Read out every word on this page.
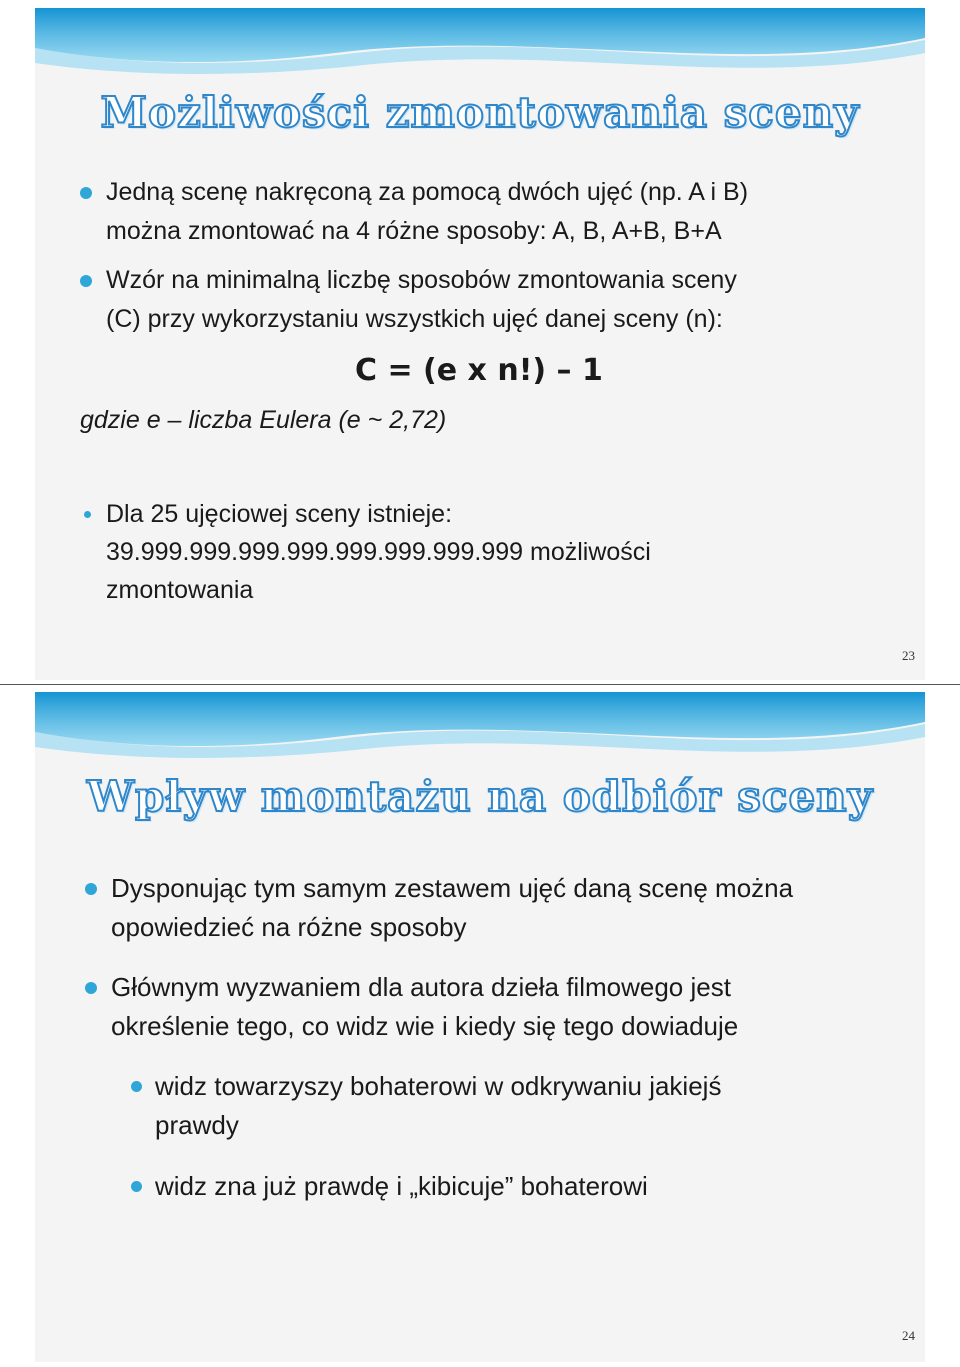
Możliwości zmontowania sceny
Jedną scenę nakręconą za pomocą dwóch ujęć (np. A i B)
można zmontować na 4 różne sposoby: A, B, A+B, B+A
Wzór na minimalną liczbę sposobów zmontowania sceny
(C) przy wykorzystaniu wszystkich ujęć danej sceny (n):
C = (e x n!) – 1
gdzie e – liczba Eulera (e ~ 2,72)
Dla 25 ujęciowej sceny istnieje:
39.999.999.999.999.999.999.999.999 możliwości
zmontowania
23
Wpływ montażu na odbiór sceny
Dysponując tym samym zestawem ujęć daną scenę można
opowiedzieć na różne sposoby
Głównym wyzwaniem dla autora dzieła filmowego jest
określenie tego, co widz wie i kiedy się tego dowiaduje
widz towarzyszy bohaterowi w odkrywaniu jakiejś
prawdy
widz zna już prawdę i „kibicuje” bohaterowi
24
